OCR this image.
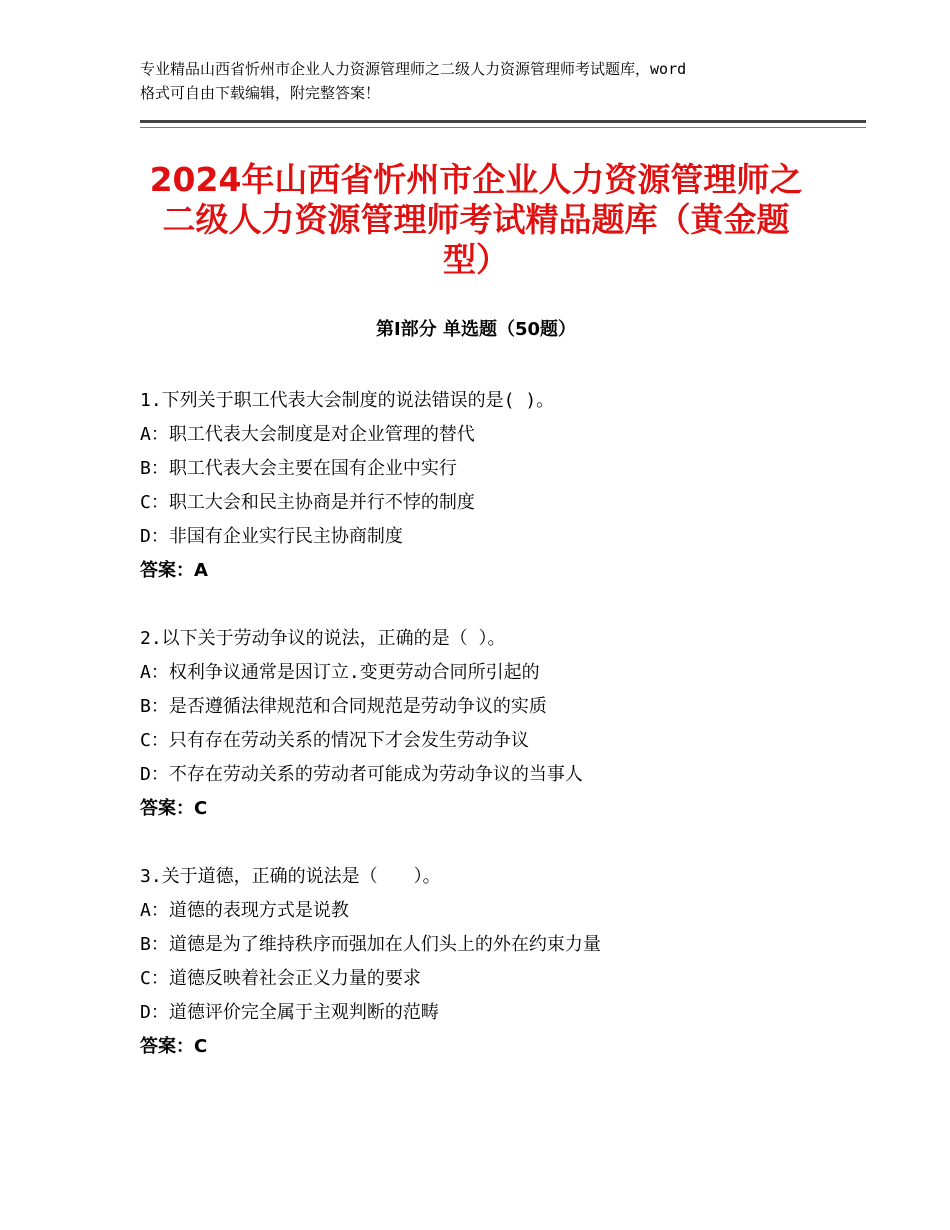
专业精品山西省忻州市企业人力资源管理师之二级人力资源管理师考试题库，word
格式可自由下载编辑，附完整答案！
2024年山西省忻州市企业人力资源管理师之二级人力资源管理师考试精品题库（黄金题型）
第Ⅰ部分 单选题（50题）
1.下列关于职工代表大会制度的说法错误的是( )。
A：职工代表大会制度是对企业管理的替代
B：职工代表大会主要在国有企业中实行
C：职工大会和民主协商是并行不悖的制度
D：非国有企业实行民主协商制度
答案：A
2.以下关于劳动争议的说法，正确的是（ ）。
A：权利争议通常是因订立.变更劳动合同所引起的
B：是否遵循法律规范和合同规范是劳动争议的实质
C：只有存在劳动关系的情况下才会发生劳动争议
D：不存在劳动关系的劳动者可能成为劳动争议的当事人
答案：C
3.关于道德，正确的说法是（　　）。
A：道德的表现方式是说教
B：道德是为了维持秩序而强加在人们头上的外在约束力量
C：道德反映着社会正义力量的要求
D：道德评价完全属于主观判断的范畴
答案：C
